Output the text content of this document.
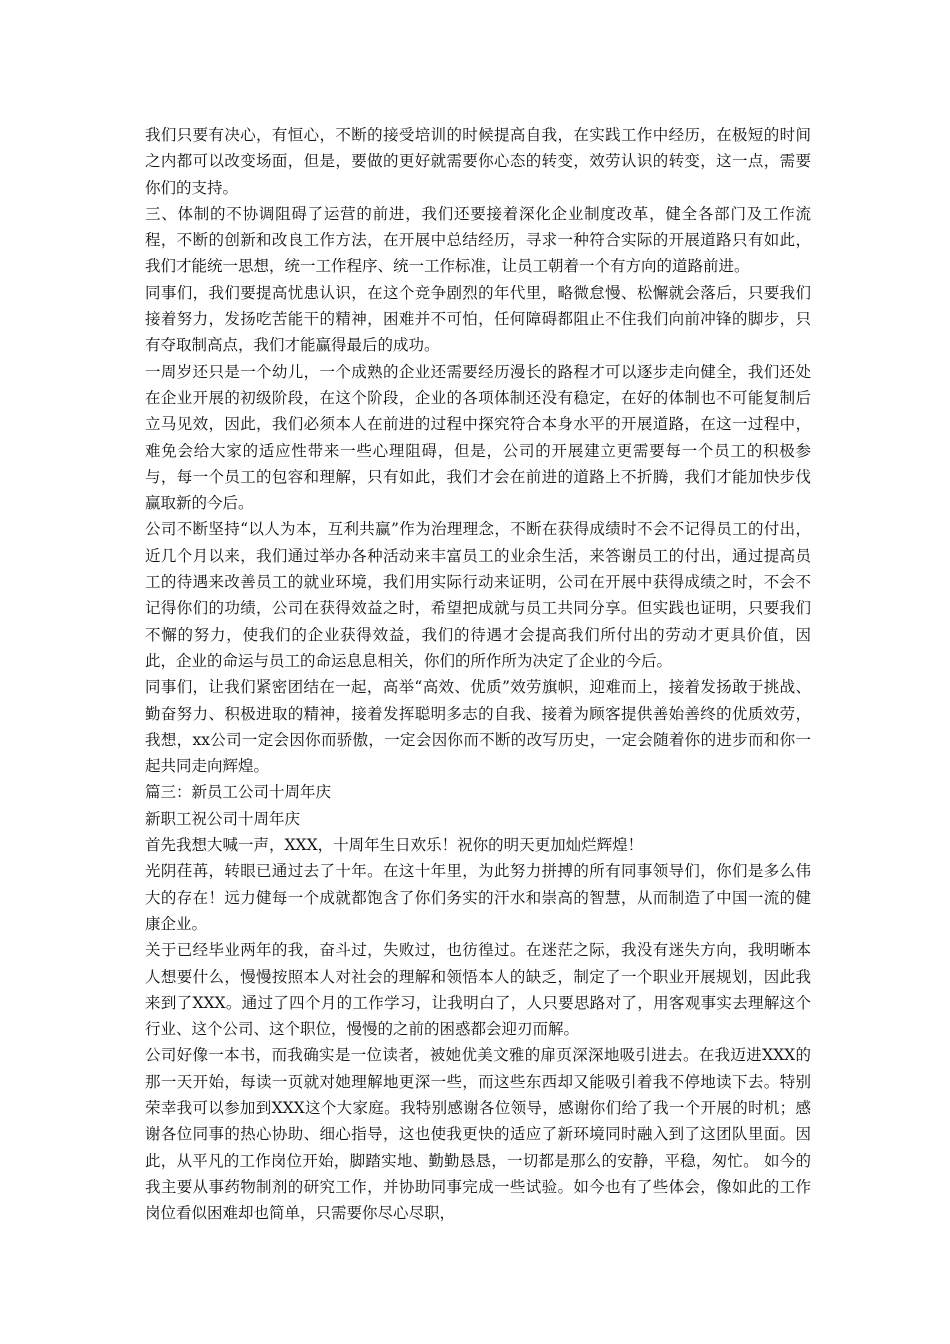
我们只要有决心，有恒心，不断的接受培训的时候提高自我，在实践工作中经历，在极短的时间之内都可以改变场面，但是，要做的更好就需要你心态的转变，效劳认识的转变，这一点，需要你们的支持。

三、体制的不协调阻碍了运营的前进，我们还要接着深化企业制度改革，健全各部门及工作流程，不断的创新和改良工作方法，在开展中总结经历，寻求一种符合实际的开展道路只有如此，我们才能统一思想，统一工作程序、统一工作标准，让员工朝着一个有方向的道路前进。

同事们，我们要提高忧患认识，在这个竞争剧烈的年代里，略微怠慢、松懈就会落后，只要我们接着努力，发扬吃苦能干的精神，困难并不可怕，任何障碍都阻止不住我们向前冲锋的脚步，只有夺取制高点，我们才能赢得最后的成功。

一周岁还只是一个幼儿，一个成熟的企业还需要经历漫长的路程才可以逐步走向健全，我们还处在企业开展的初级阶段，在这个阶段，企业的各项体制还没有稳定，在好的体制也不可能复制后立马见效，因此，我们必须本人在前进的过程中探究符合本身水平的开展道路，在这一过程中，难免会给大家的适应性带来一些心理阻碍，但是，公司的开展建立更需要每一个员工的积极参与，每一个员工的包容和理解，只有如此，我们才会在前进的道路上不折腾，我们才能加快步伐赢取新的今后。

公司不断坚持“以人为本，互利共赢”作为治理理念，不断在获得成绩时不会不记得员工的付出，近几个月以来，我们通过举办各种活动来丰富员工的业余生活，来答谢员工的付出，通过提高员工的待遇来改善员工的就业环境，我们用实际行动来证明，公司在开展中获得成绩之时，不会不记得你们的功绩，公司在获得效益之时，希望把成就与员工共同分享。但实践也证明，只要我们不懈的努力，使我们的企业获得效益，我们的待遇才会提高我们所付出的劳动才更具价值，因此，企业的命运与员工的命运息息相关，你们的所作所为决定了企业的今后。

同事们，让我们紧密团结在一起，高举“高效、优质”效劳旗帜，迎难而上，接着发扬敢于挑战、勤奋努力、积极进取的精神，接着发挥聪明多志的自我、接着为顾客提供善始善终的优质效劳，我想，xx公司一定会因你而骄傲，一定会因你而不断的改写历史，一定会随着你的进步而和你一起共同走向辉煌。

篇三：新员工公司十周年庆

新职工祝公司十周年庆

首先我想大喊一声，XXX，十周年生日欢乐！祝你的明天更加灿烂辉煌！

光阴荏苒，转眼已通过去了十年。在这十年里，为此努力拼搏的所有同事领导们，你们是多么伟大的存在！远力健每一个成就都饱含了你们务实的汗水和崇高的智慧，从而制造了中国一流的健康企业。

关于已经毕业两年的我，奋斗过，失败过，也彷徨过。在迷茫之际，我没有迷失方向，我明晰本人想要什么，慢慢按照本人对社会的理解和领悟本人的缺乏，制定了一个职业开展规划，因此我来到了XXX。通过了四个月的工作学习，让我明白了，人只要思路对了，用客观事实去理解这个行业、这个公司、这个职位，慢慢的之前的困惑都会迎刃而解。

公司好像一本书，而我确实是一位读者，被她优美文雅的扉页深深地吸引进去。在我迈进XXX的那一天开始，每读一页就对她理解地更深一些，而这些东西却又能吸引着我不停地读下去。特别荣幸我可以参加到XXX这个大家庭。我特别感谢各位领导，感谢你们给了我一个开展的时机；感谢各位同事的热心协助、细心指导，这也使我更快的适应了新环境同时融入到了这团队里面。因此，从平凡的工作岗位开始，脚踏实地、勤勤恳恳，一切都是那么的安静，平稳，匆忙。 如今的我主要从事药物制剂的研究工作，并协助同事完成一些试验。如今也有了些体会，像如此的工作岗位看似困难却也简单，只需要你尽心尽职，
